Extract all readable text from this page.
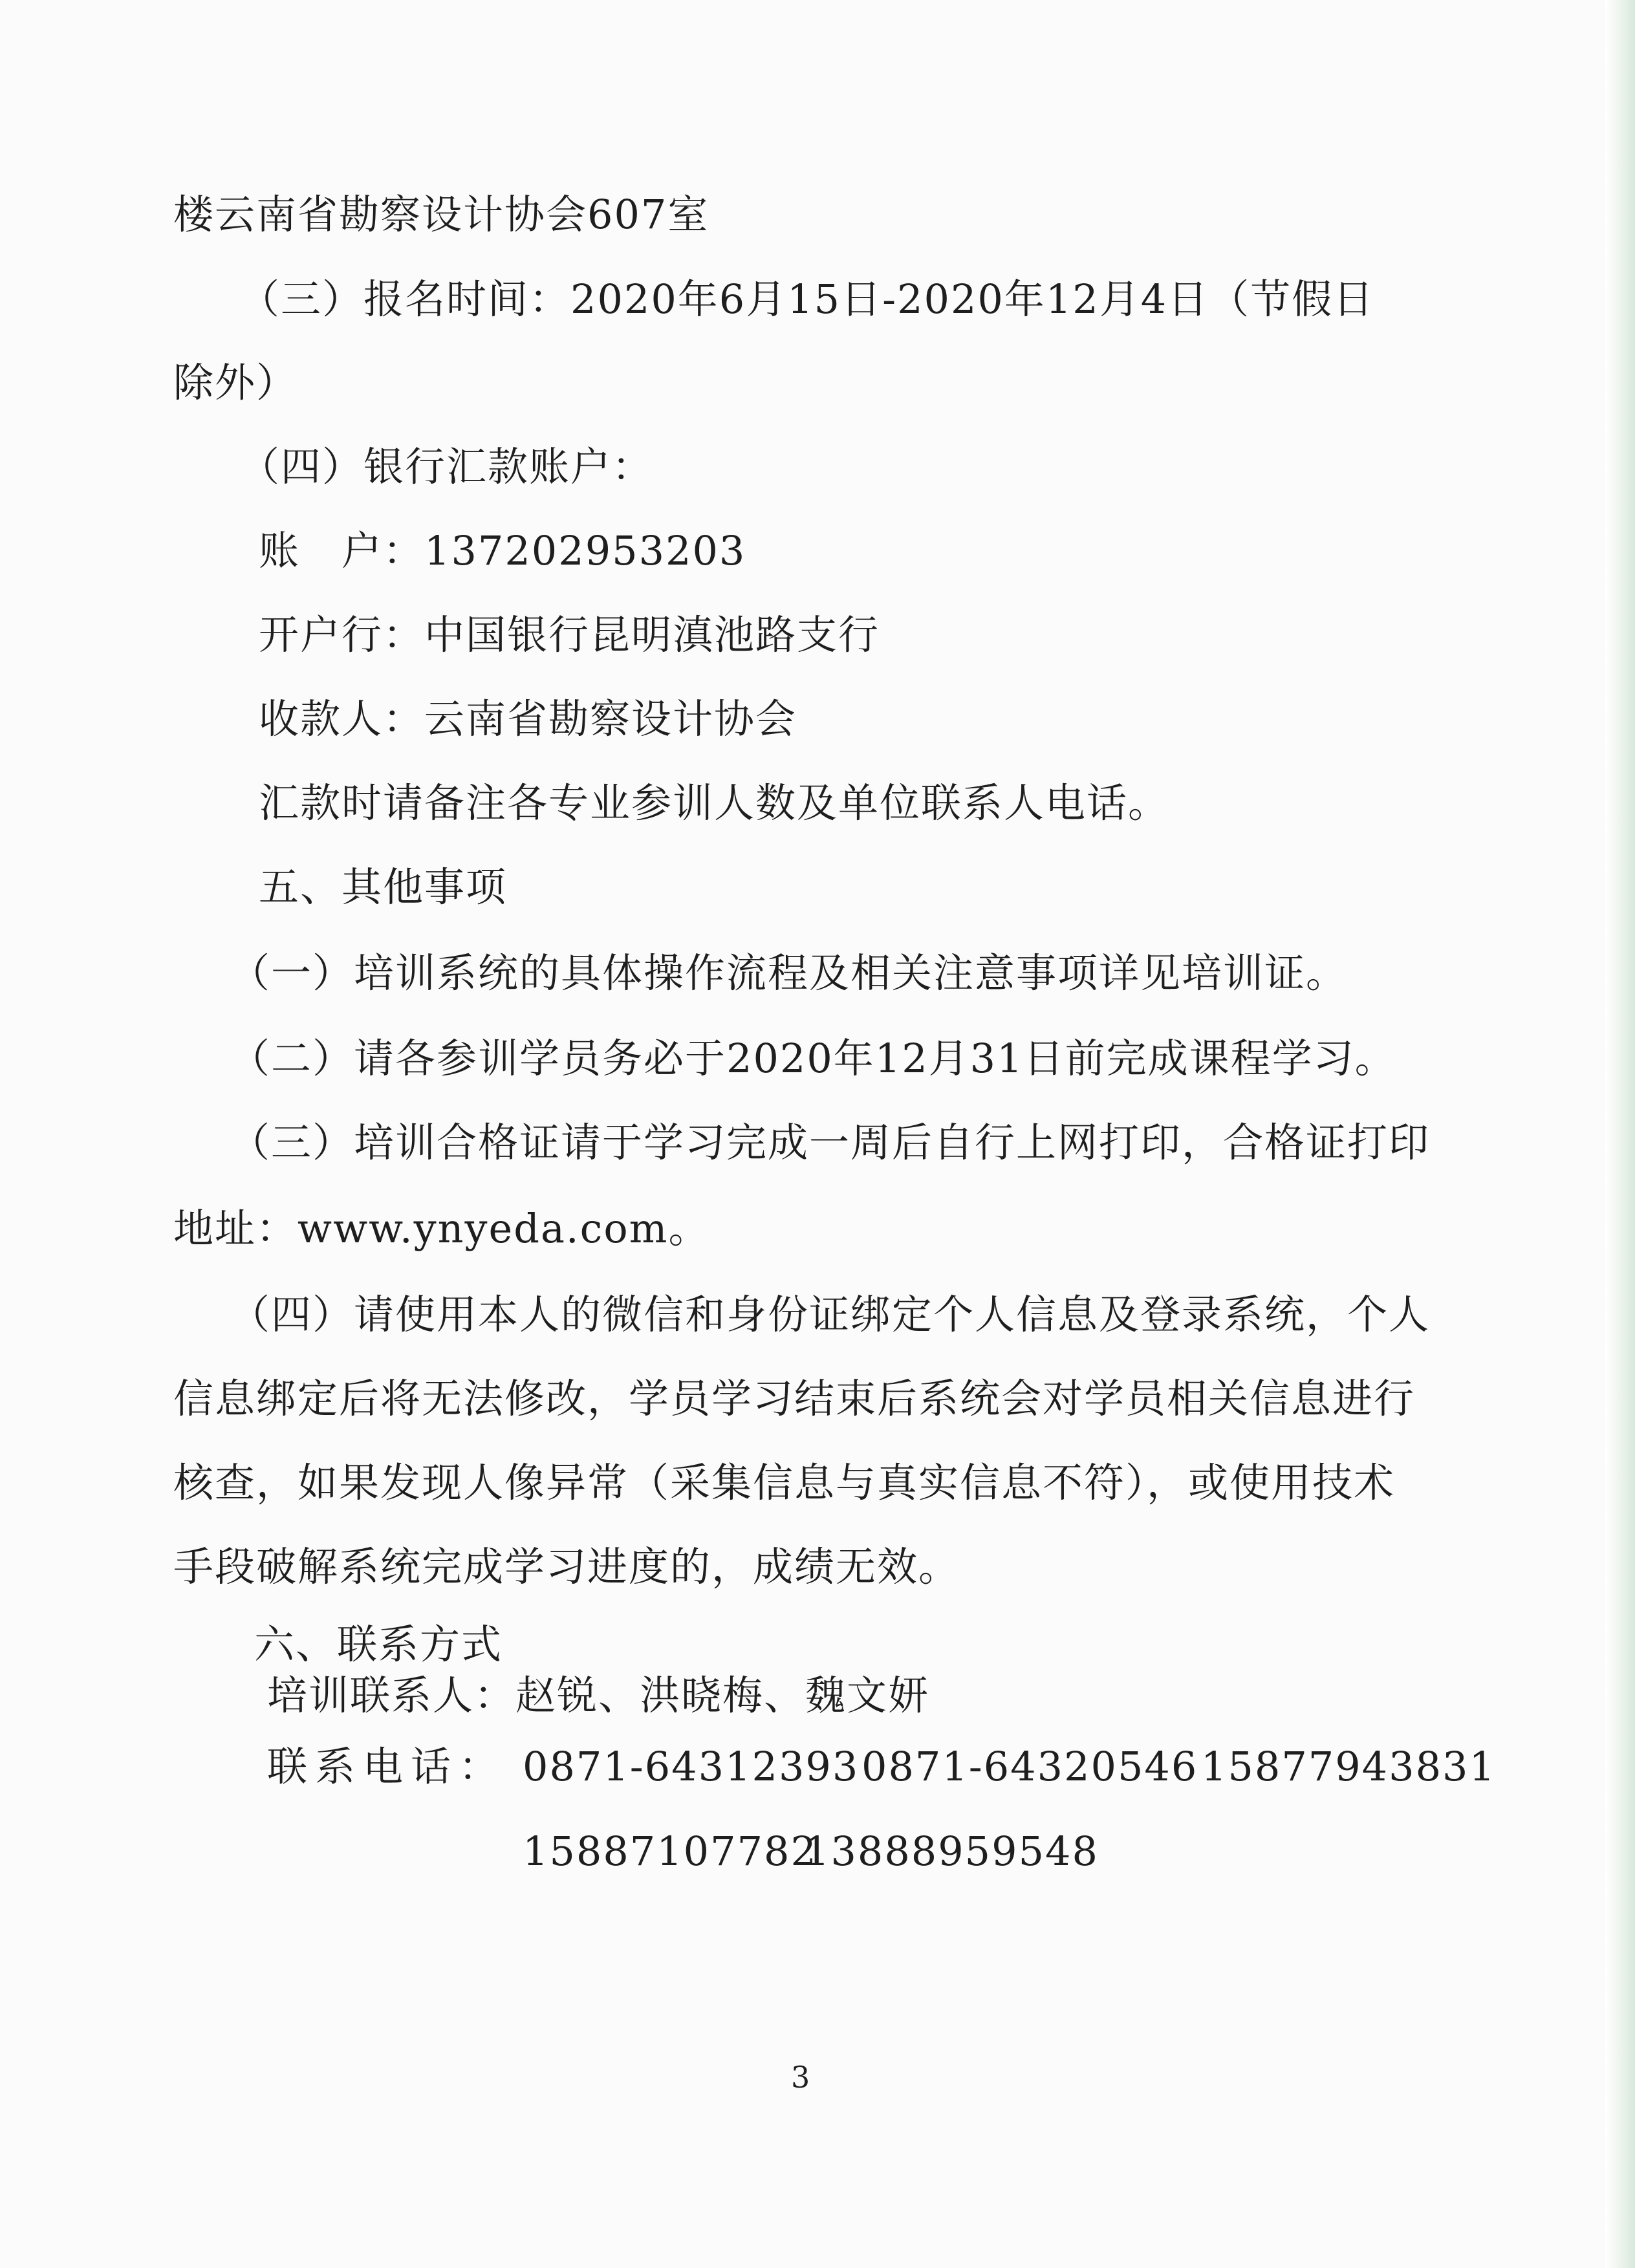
楼云南省勘察设计协会607室
（三）报名时间：2020年6月15日-2020年12月4日（节假日
除外）
（四）银行汇款账户：
账　户：137202953203
开户行：中国银行昆明滇池路支行
收款人：云南省勘察设计协会
汇款时请备注各专业参训人数及单位联系人电话。
五、其他事项
（一）培训系统的具体操作流程及相关注意事项详见培训证。
（二）请各参训学员务必于2020年12月31日前完成课程学习。
（三）培训合格证请于学习完成一周后自行上网打印，合格证打印
地址：www.ynyeda.com。
（四）请使用本人的微信和身份证绑定个人信息及登录系统，个人
信息绑定后将无法修改，学员学习结束后系统会对学员相关信息进行
核查，如果发现人像异常（采集信息与真实信息不符），或使用技术
手段破解系统完成学习进度的，成绩无效。
六、联系方式
培训联系人：赵锐、洪晓梅、魏文妍
联系电话： 0871-64312393 0871-64320546 15877943831
15887107782
13888959548
3
